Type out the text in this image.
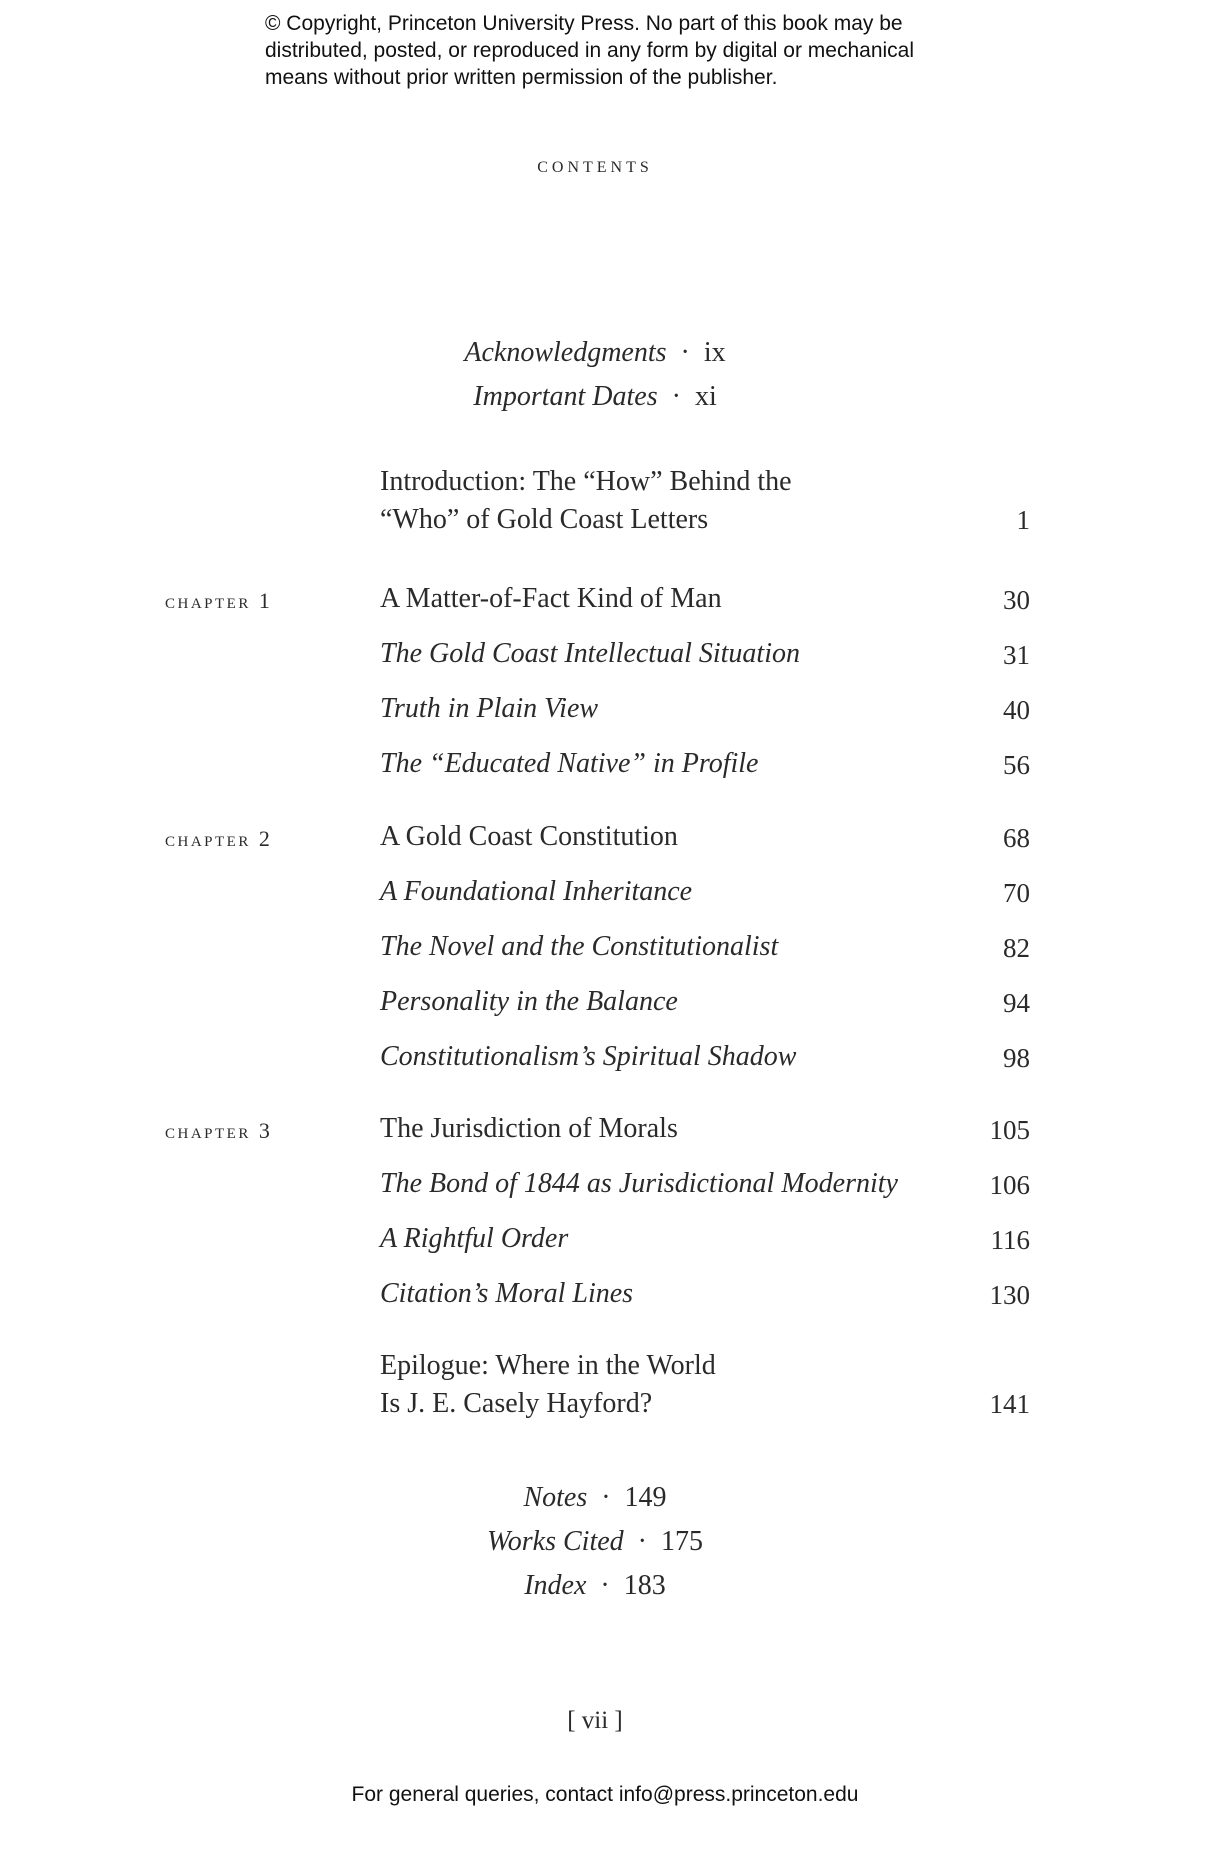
© Copyright, Princeton University Press. No part of this book may be
distributed, posted, or reproduced in any form by digital or mechanical
means without prior written permission of the publisher.
contents
Acknowledgments · ix
Important Dates · xi
Introduction: The “How” Behind the
“Who” of Gold Coast Letters	1
chapter 1	A Matter-of-Fact Kind of Man	30
The Gold Coast Intellectual Situation	31
Truth in Plain View	40
The “Educated Native” in Profile	56
chapter 2	A Gold Coast Constitution	68
A Foundational Inheritance	70
The Novel and the Constitutionalist	82
Personality in the Balance	94
Constitutionalism’s Spiritual Shadow	98
chapter 3	The Jurisdiction of Morals	105
The Bond of 1844 as Jurisdictional Modernity	106
A Rightful Order	116
Citation’s Moral Lines	130
Epilogue: Where in the World
Is J. E. Casely Hayford?	141
Notes · 149
Works Cited · 175
Index · 183
[ vii ]
For general queries, contact info@press.princeton.edu
